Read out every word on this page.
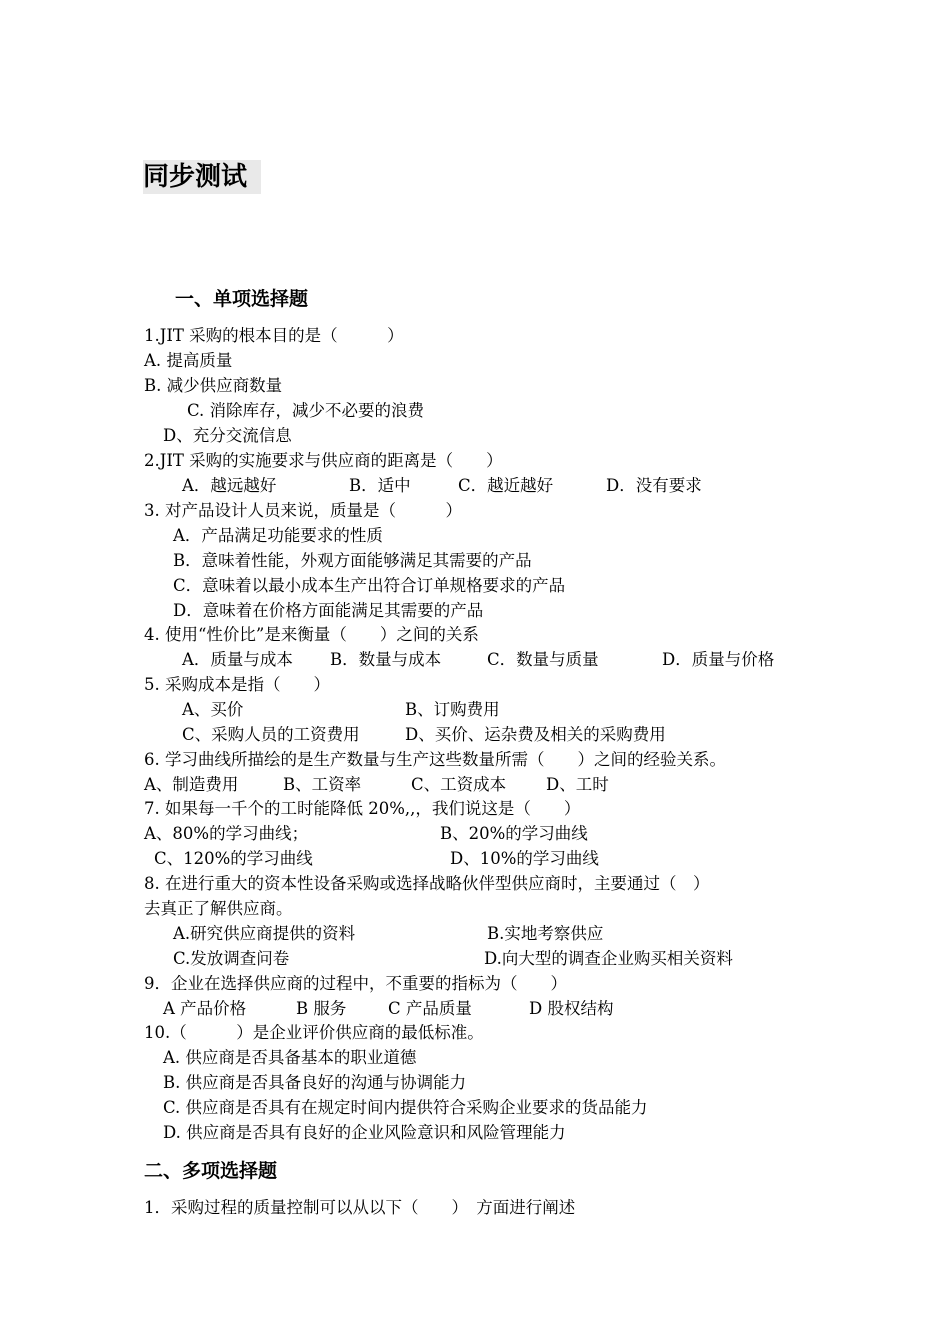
同步测试
一、单项选择题
1.JIT 采购的根本目的是（　　　）
A. 提高质量
B. 减少供应商数量
C. 消除库存，减少不必要的浪费
D、充分交流信息
2.JIT 采购的实施要求与供应商的距离是（　　）
A．越远越好	B．适中	C．越近越好	D．没有要求
3. 对产品设计人员来说，质量是（　　　）
A．产品满足功能要求的性质
B．意味着性能，外观方面能够满足其需要的产品
C．意味着以最小成本生产出符合订单规格要求的产品
D．意味着在价格方面能满足其需要的产品
4. 使用“性价比”是来衡量（　　）之间的关系
A．质量与成本 B．数量与成本	C．数量与质量	D．质量与价格
5. 采购成本是指（　　）
A、买价	B、订购费用
C、采购人员的工资费用	D、买价、运杂费及相关的采购费用
6. 学习曲线所描绘的是生产数量与生产这些数量所需（　　）之间的经验关系。
A、制造费用	B、工资率	C、工资成本 D、工时
7. 如果每一千个的工时能降低 20%,,，我们说这是（　　）
A、80%的学习曲线；	B、20%的学习曲线
C、120%的学习曲线	D、10%的学习曲线
8. 在进行重大的资本性设备采购或选择战略伙伴型供应商时，主要通过（　）
去真正了解供应商。
A.研究供应商提供的资料	B.实地考察供应
C.发放调查问卷	D.向大型的调查企业购买相关资料
9．企业在选择供应商的过程中，不重要的指标为（　　）
A 产品价格	B 服务	C 产品质量	D 股权结构
10.（　　　）是企业评价供应商的最低标准。
A. 供应商是否具备基本的职业道德
B. 供应商是否具备良好的沟通与协调能力
C. 供应商是否具有在规定时间内提供符合采购企业要求的货品能力
D. 供应商是否具有良好的企业风险意识和风险管理能力
二、多项选择题
1．采购过程的质量控制可以从以下（　　）　方面进行阐述
